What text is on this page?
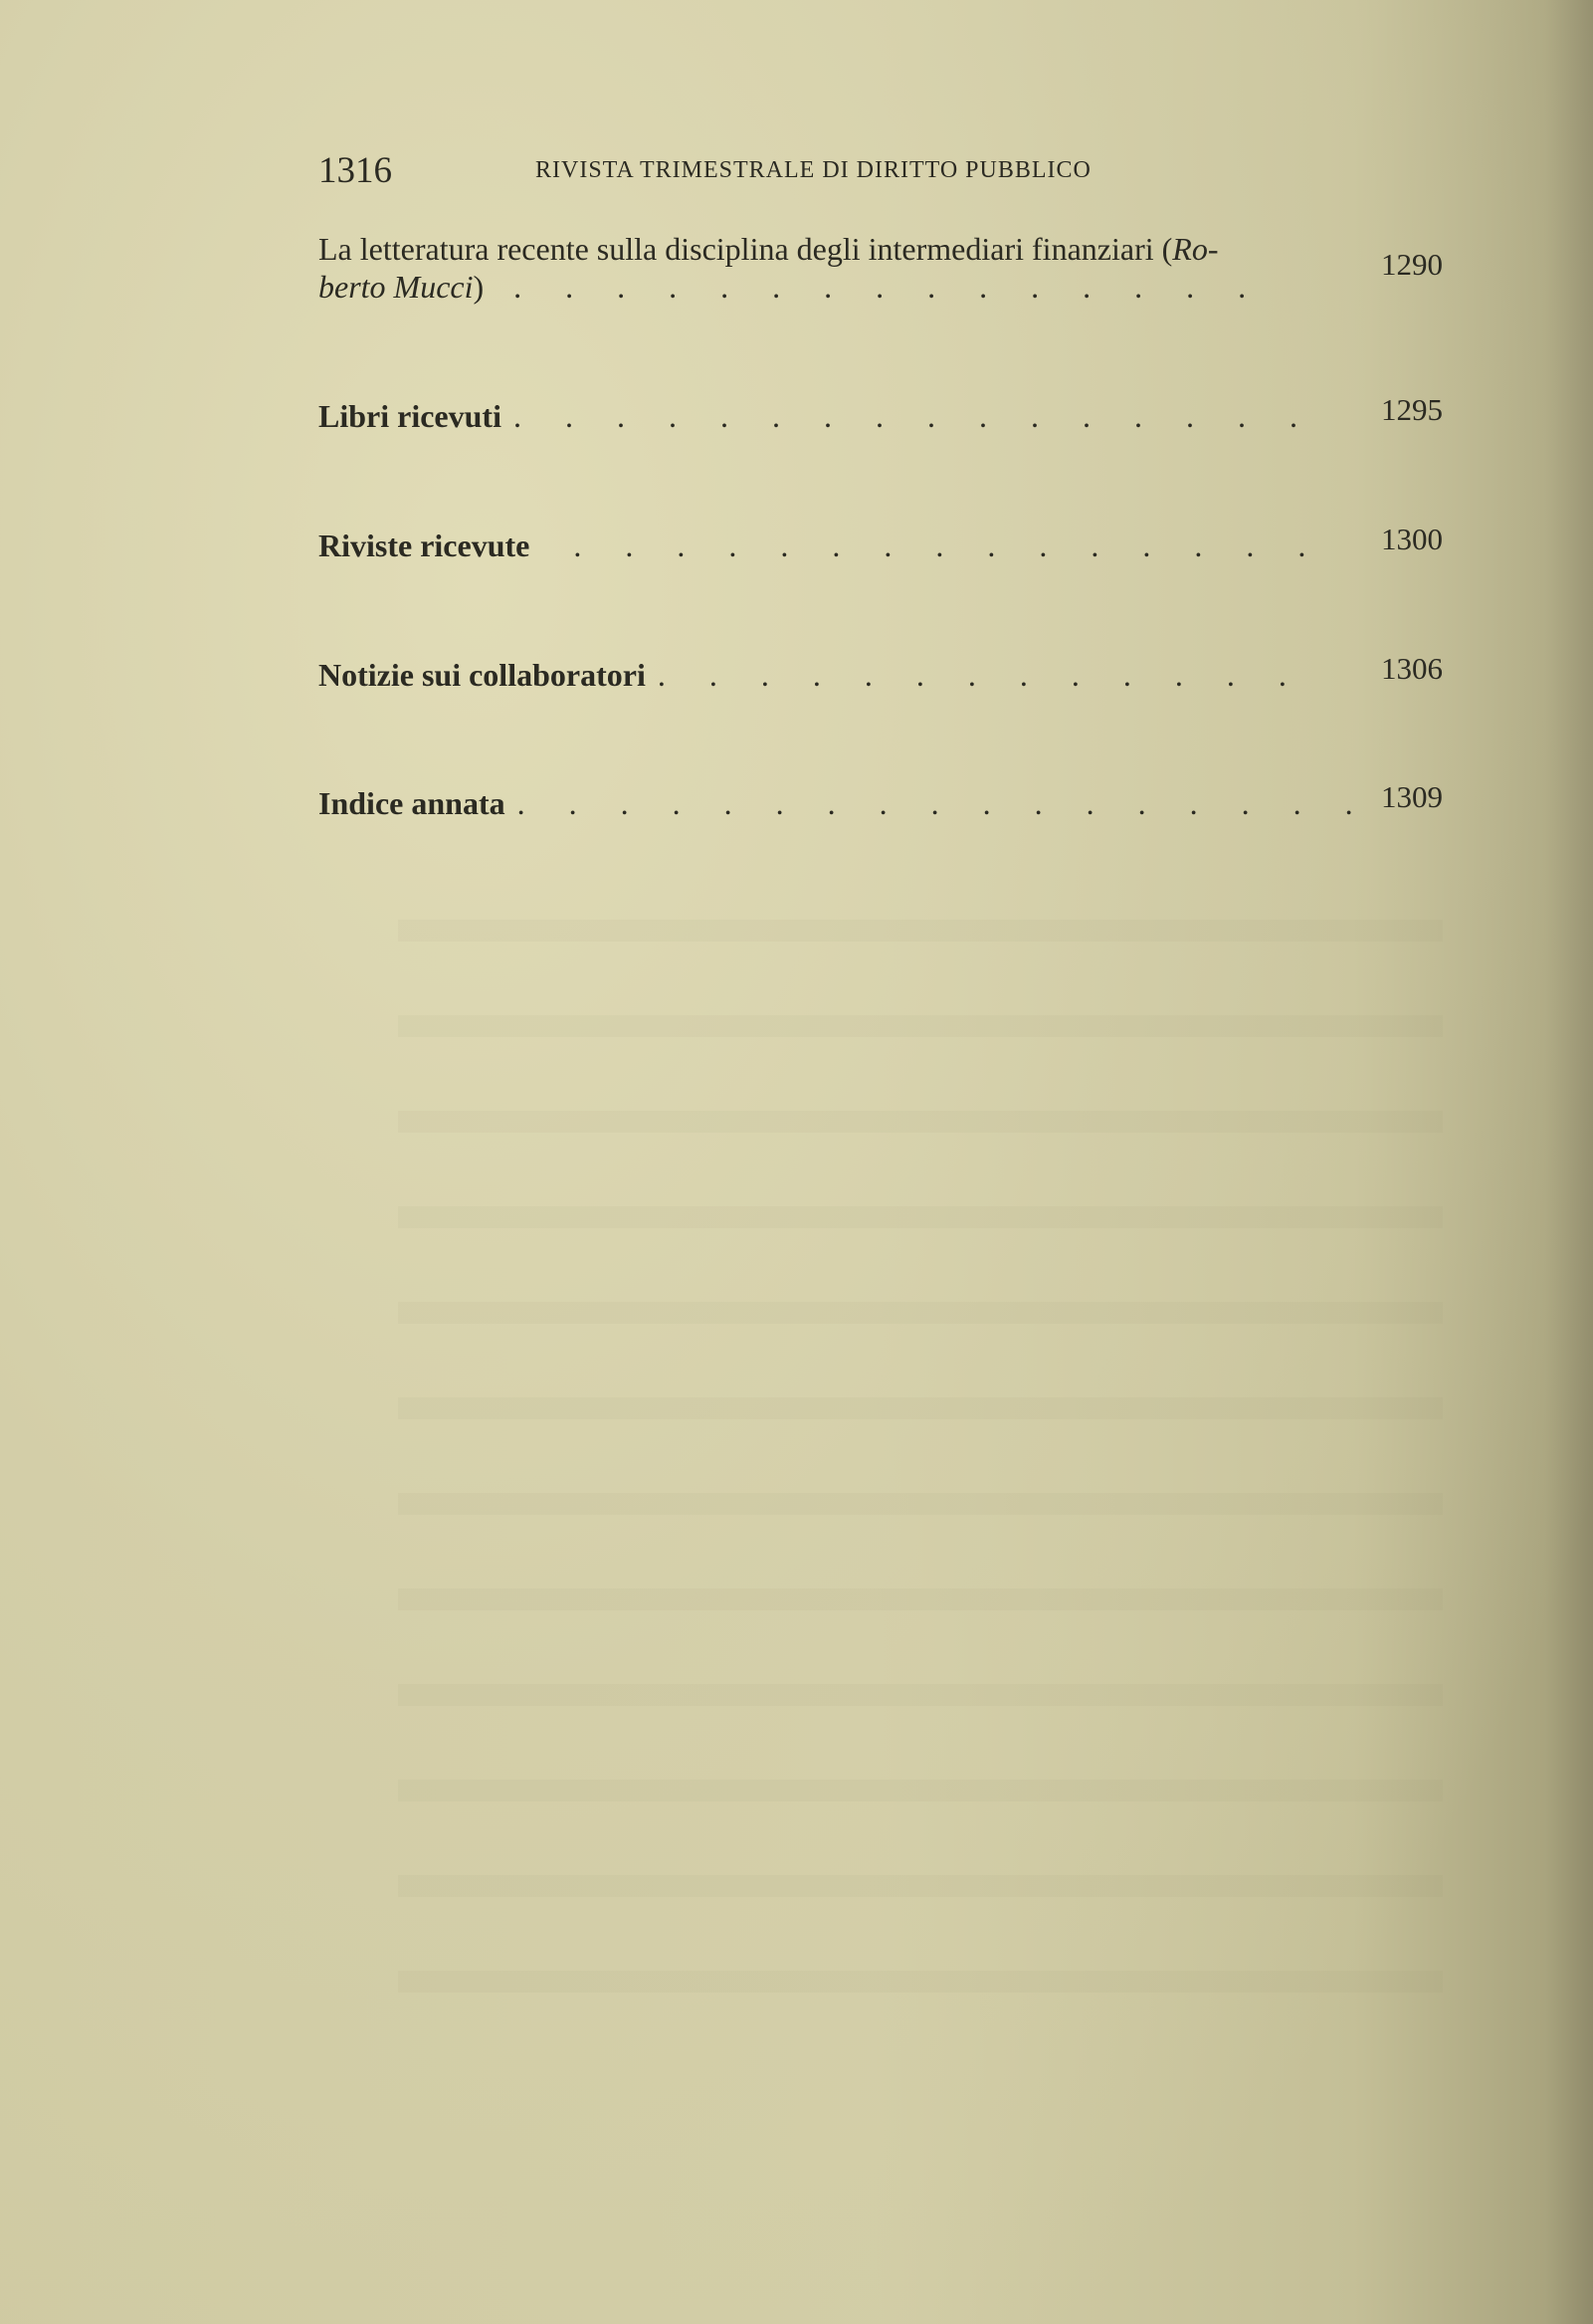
1316	RIVISTA TRIMESTRALE DI DIRITTO PUBBLICO
La letteratura recente sulla disciplina degli intermediari finanziari (Ro-
berto Mucci) . . . . . . . . . . . . . . .
1290
Libri ricevuti . . . . . . . . . . . . . . . . 1295
Riviste ricevute . . . . . . . . . . . . . . . 1300
Notizie sui collaboratori . . . . . . . . . . . . . 1306
Indice annata . . . . . . . . . . . . . . . . . 1309
